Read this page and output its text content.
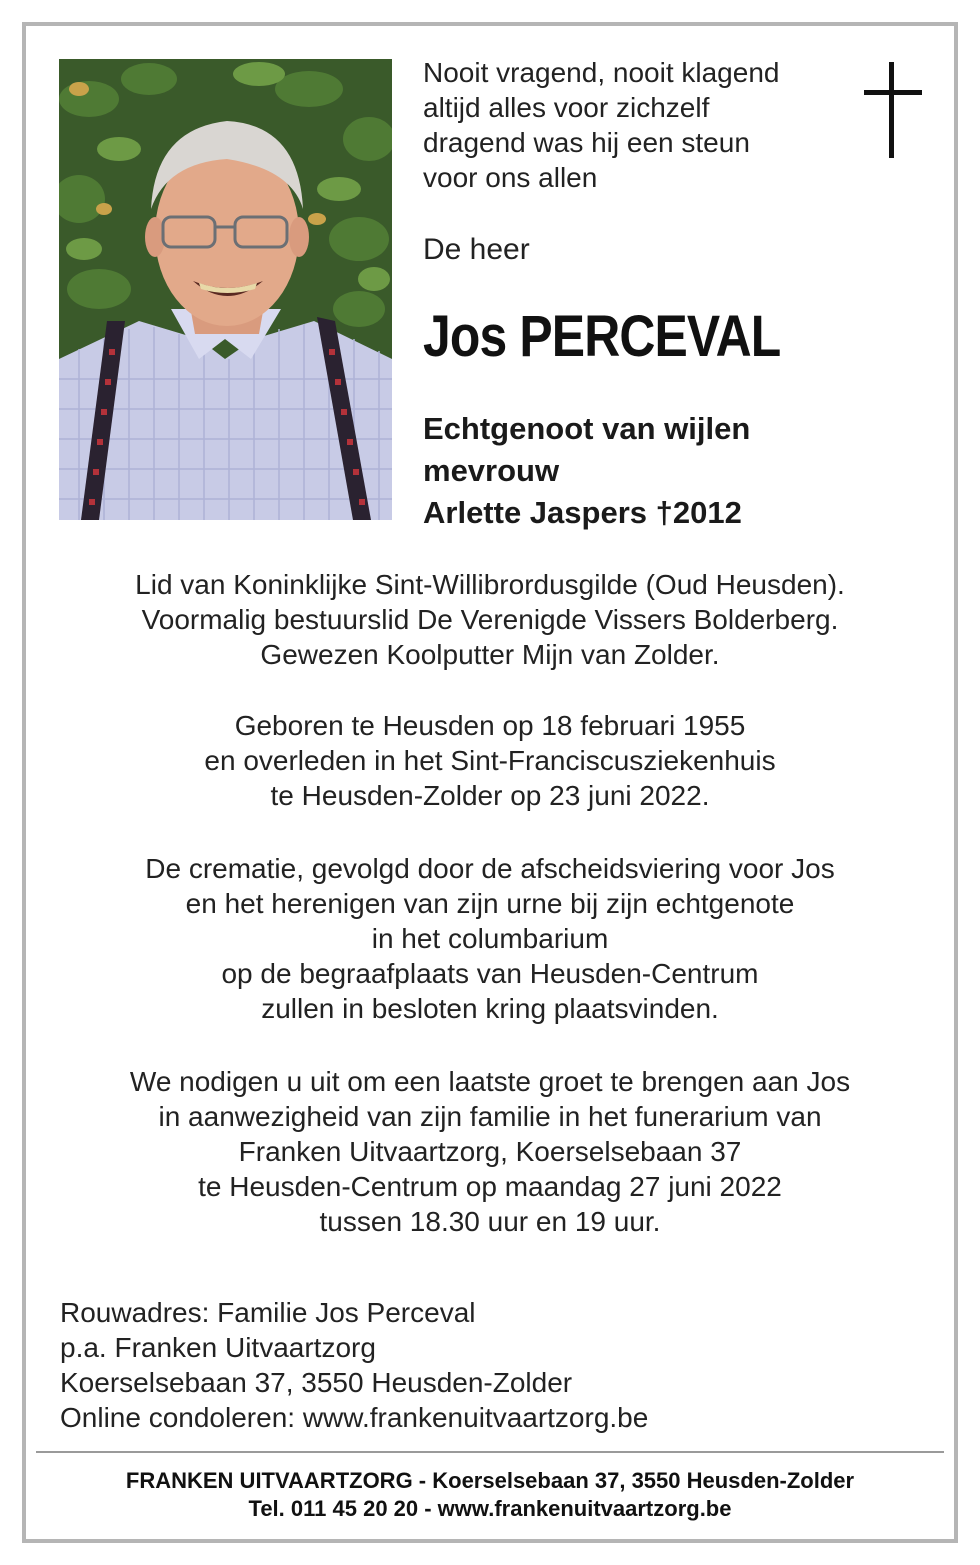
Nooit vragend, nooit klagend
altijd alles voor zichzelf
dragend was hij een steun
voor ons allen
De heer
Jos PERCEVAL
Echtgenoot van wijlen
mevrouw
Arlette Jaspers †2012
Lid van Koninklijke Sint-Willibrordusgilde (Oud Heusden).
Voormalig bestuurslid De Verenigde Vissers Bolderberg.
Gewezen Koolputter Mijn van Zolder.
Geboren te Heusden op 18 februari 1955
en overleden in het Sint-Franciscusziekenhuis
te Heusden-Zolder op 23 juni 2022.
De crematie, gevolgd door de afscheidsviering voor Jos
en het herenigen van zijn urne bij zijn echtgenote
in het columbarium
op de begraafplaats van Heusden-Centrum
zullen in besloten kring plaatsvinden.
We nodigen u uit om een laatste groet te brengen aan Jos
in aanwezigheid van zijn familie in het funerarium van
Franken Uitvaartzorg, Koerselsebaan 37
te Heusden-Centrum op maandag 27 juni 2022
tussen 18.30 uur en 19 uur.
Rouwadres: Familie Jos Perceval
p.a. Franken Uitvaartzorg
Koerselsebaan 37, 3550 Heusden-Zolder
Online condoleren: www.frankenuitvaartzorg.be
FRANKEN UITVAARTZORG - Koerselsebaan 37, 3550 Heusden-Zolder
Tel. 011 45 20 20 - www.frankenuitvaartzorg.be
